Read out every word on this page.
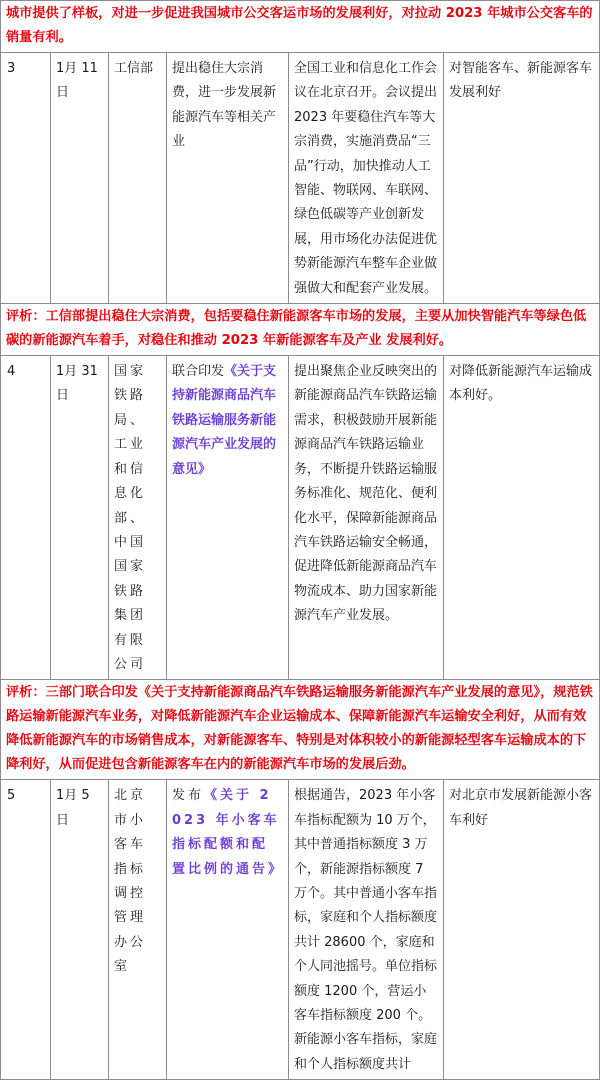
城市提供了样板，对进一步促进我国城市公交客运市场的发展利好，对拉动 2023 年城市公交客车的销量有利。					
3	1月 11 日	工信部	提出稳住大宗消费，进一步发展新能源汽车等相关产业	全国工业和信息化工作会议在北京召开。会议提出 2023 年要稳住汽车等大宗消费，实施消费品“三品”行动，加快推动人工智能、物联网、车联网、绿色低碳等产业创新发展，用市场化办法促进优势新能源汽车整车企业做强做大和配套产业发展。	对智能客车、新能源客车发展利好
评析：工信部提出稳住大宗消费，包括要稳住新能源客车市场的发展，主要从加快智能汽车等绿色低碳的新能源汽车着手，对稳住和推动 2023 年新能源客车及产业 发展利好。					
4	1月 31 日	国家铁路局、工业和信息化部、中国国家铁路集团有限公司	联合印发《关于支持新能源商品汽车铁路运输服务新能源汽车产业发展的意见》	提出聚焦企业反映突出的新能源商品汽车铁路运输需求，积极鼓励开展新能源商品汽车铁路运输业务，不断提升铁路运输服务标准化、规范化、便利化水平，保障新能源商品汽车铁路运输安全畅通，促进降低新能源商品汽车物流成本、助力国家新能源汽车产业发展。	对降低新能源汽车运输成本利好。
评析：三部门联合印发《关于支持新能源商品汽车铁路运输服务新能源汽车产业发展的意见》，规范铁路运输新能源汽车业务，对降低新能源汽车企业运输成本、保障新能源汽车运输安全利好，从而有效降低新能源汽车的市场销售成本，对新能源客车、特别是对体积较小的新能源轻型客车运输成本的下降利好，从而促进包含新能源客车在内的新能源汽车市场的发展后劲。					
5	1月 5 日	北京市小客车指标调控管理办公室	发布《关于 2023 年小客车指标配额和配置比例的通告》	根据通告，2023 年小客车指标配额为 10 万个，其中普通指标额度 3 万个，新能源指标额度 7 万个。其中普通小客车指标，家庭和个人指标额度共计 28600 个，家庭和个人同池摇号。单位指标额度 1200 个，营运小客车指标额度 200 个。新能源小客车指标，家庭和个人指标额度共计	对北京市发展新能源小客车利好
